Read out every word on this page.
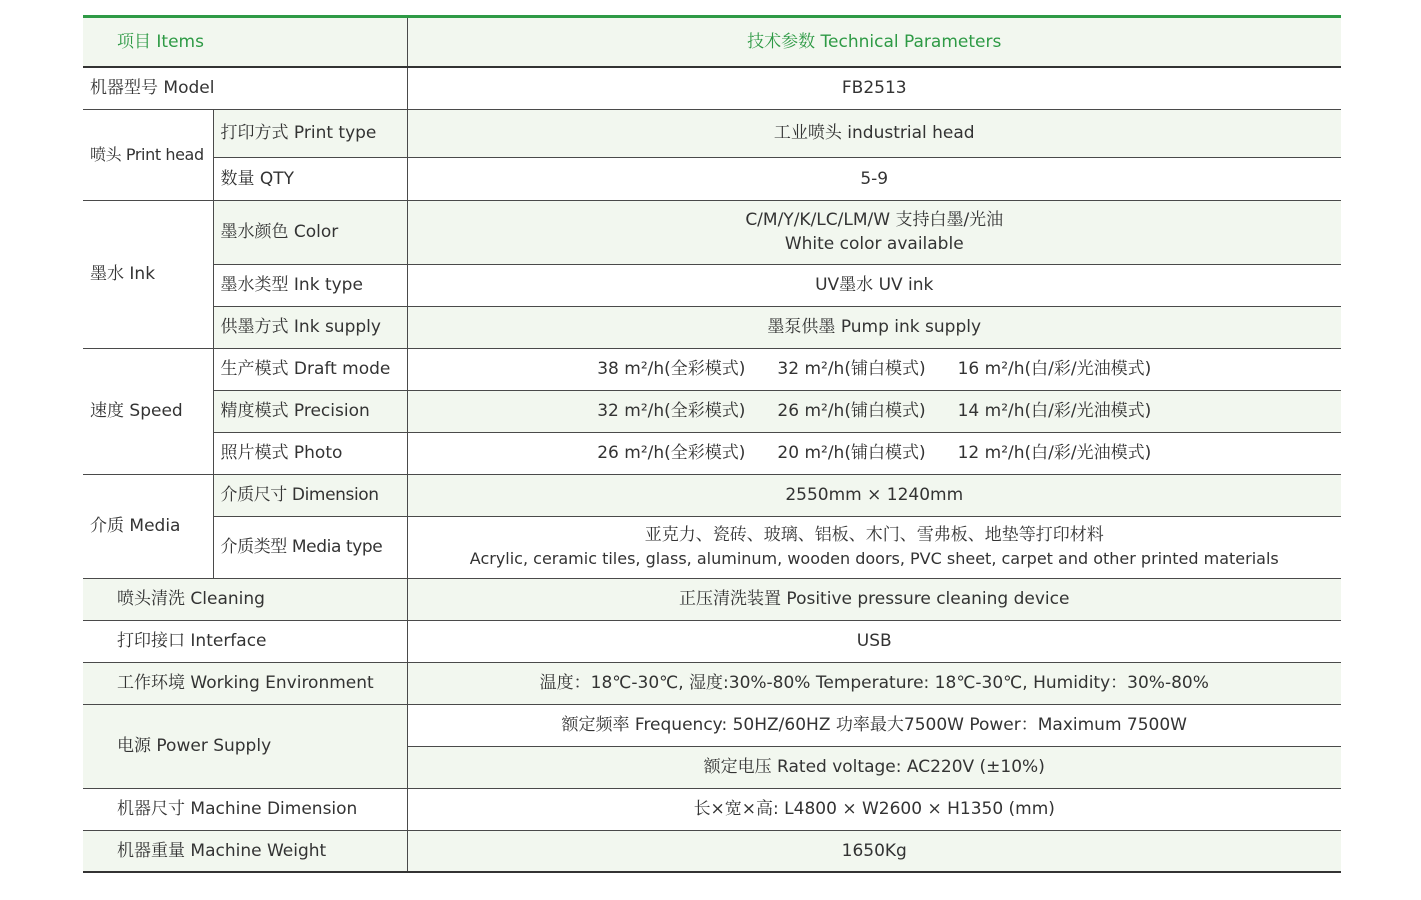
项目 Items		技术参数 Technical Parameters
机器型号 Model		FB2513
喷头 Print head	打印方式 Print type	工业喷头 industrial head
	数量 QTY	5-9
墨水 Ink	墨水颜色 Color	C/M/Y/K/LC/LM/W 支持白墨/光油
White color available

	墨水类型 Ink type	UV墨水 UV ink
	供墨方式 Ink supply	墨泵供墨 Pump ink supply
速度 Speed	生产模式 Draft mode	38 m²/h(全彩模式) 32 m²/h(铺白模式) 16 m²/h(白/彩/光油模式)

	精度模式 Precision	32 m²/h(全彩模式) 26 m²/h(铺白模式) 14 m²/h(白/彩/光油模式)

	照片模式 Photo	26 m²/h(全彩模式) 20 m²/h(铺白模式) 12 m²/h(白/彩/光油模式)

介质 Media	介质尺寸 Dimension	2550mm × 1240mm
	介质类型 Media type	亚克力、瓷砖、玻璃、铝板、木门、雪弗板、地垫等打印材料
Acrylic, ceramic tiles, glass, aluminum, wooden doors, PVC sheet, carpet and other printed materials

喷头清洗 Cleaning		正压清洗装置 Positive pressure cleaning device
打印接口 Interface		USB
工作环境 Working Environment		温度：18℃-30℃, 湿度:30%-80% Temperature: 18℃-30℃, Humidity：30%-80%
电源 Power Supply		额定频率 Frequency: 50HZ/60HZ 功率最大7500W Power：Maximum 7500W
		额定电压 Rated voltage: AC220V (±10%)
机器尺寸 Machine Dimension		长×宽×高: L4800 × W2600 × H1350 (mm)
机器重量 Machine Weight		1650Kg
